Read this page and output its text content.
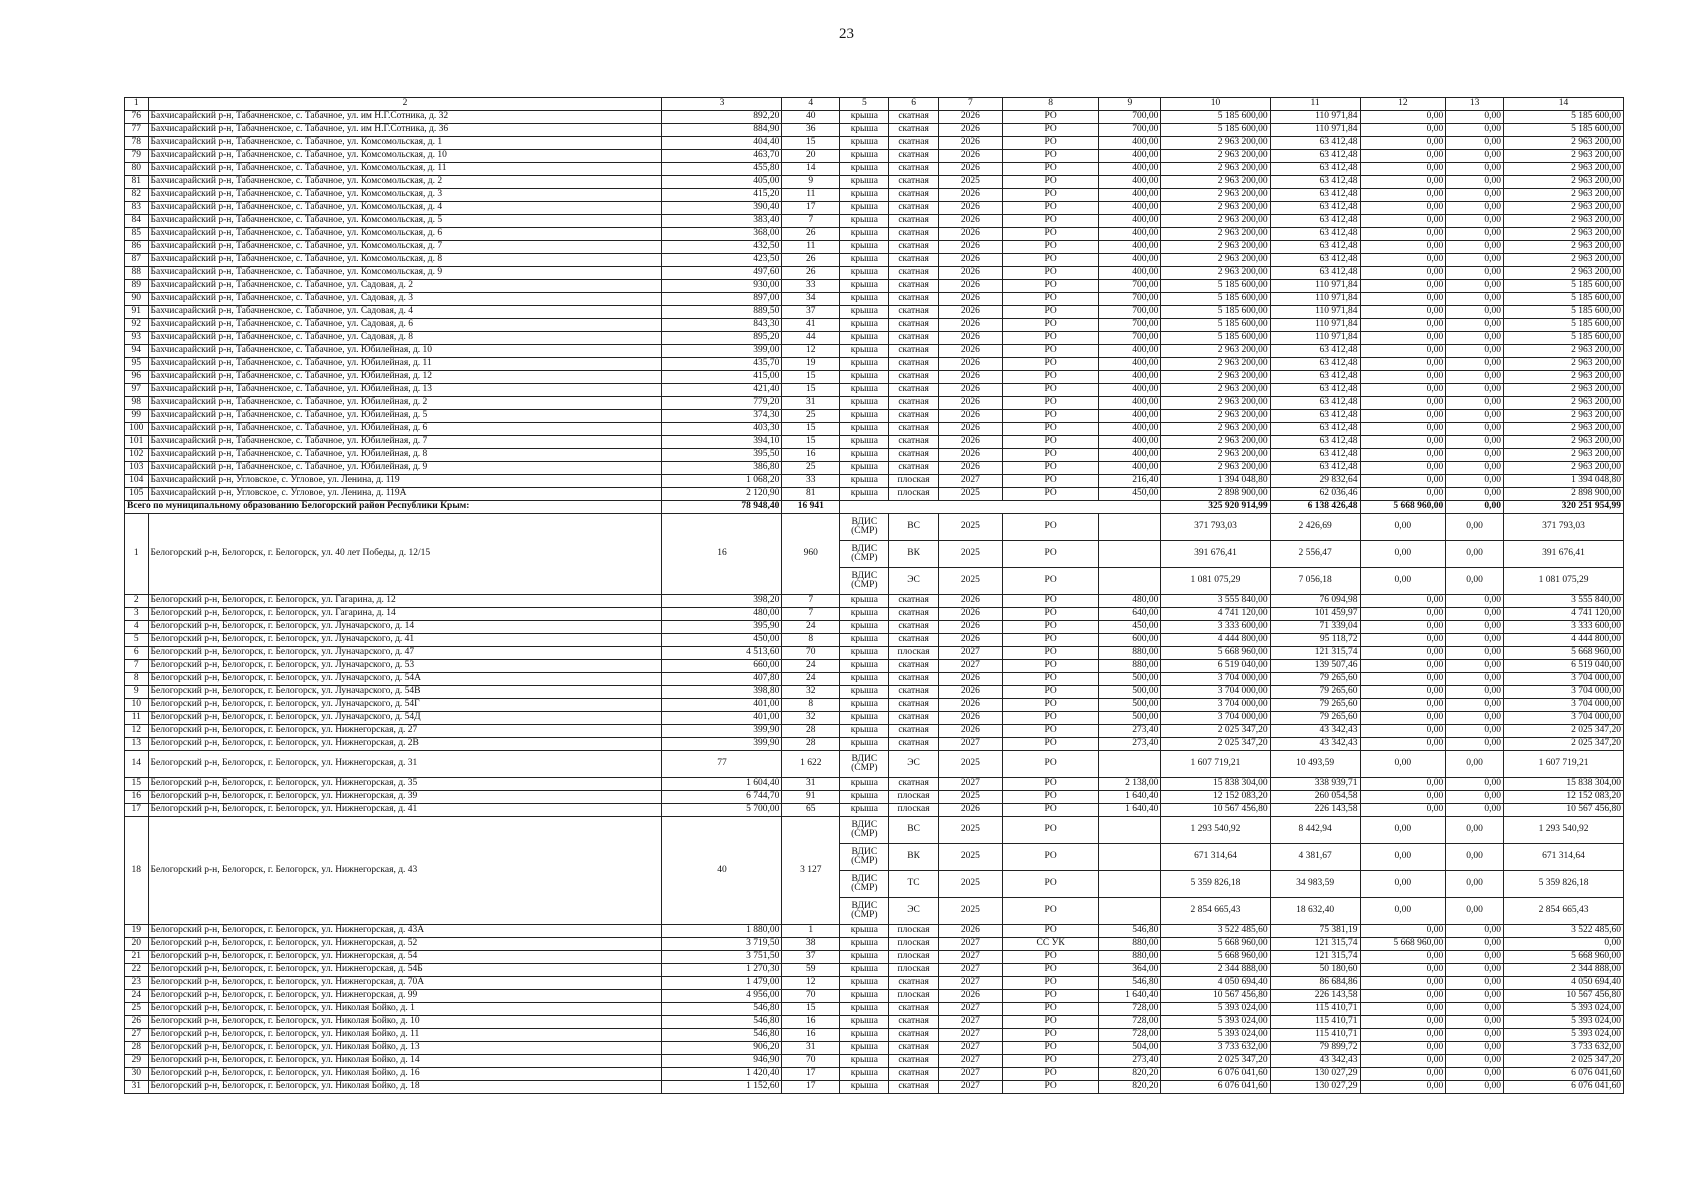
23
1	2	3	4	5	6	7	8	9	10	11	12	13	14
76	Бахчисарайский р-н, Табачненское, с. Табачное, ул. им Н.Г.Сотника, д. 32	892,20	40	крыша	скатная	2026	РО	700,00	5 185 600,00	110 971,84	0,00	0,00	5 185 600,00
77	Бахчисарайский р-н, Табачненское, с. Табачное, ул. им Н.Г.Сотника, д. 36	884,90	36	крыша	скатная	2026	РО	700,00	5 185 600,00	110 971,84	0,00	0,00	5 185 600,00
78	Бахчисарайский р-н, Табачненское, с. Табачное, ул. Комсомольская, д. 1	404,40	15	крыша	скатная	2026	РО	400,00	2 963 200,00	63 412,48	0,00	0,00	2 963 200,00
79	Бахчисарайский р-н, Табачненское, с. Табачное, ул. Комсомольская, д. 10	463,70	20	крыша	скатная	2026	РО	400,00	2 963 200,00	63 412,48	0,00	0,00	2 963 200,00
80	Бахчисарайский р-н, Табачненское, с. Табачное, ул. Комсомольская, д. 11	455,80	14	крыша	скатная	2026	РО	400,00	2 963 200,00	63 412,48	0,00	0,00	2 963 200,00
81	Бахчисарайский р-н, Табачненское, с. Табачное, ул. Комсомольская, д. 2	405,00	9	крыша	скатная	2025	РО	400,00	2 963 200,00	63 412,48	0,00	0,00	2 963 200,00
82	Бахчисарайский р-н, Табачненское, с. Табачное, ул. Комсомольская, д. 3	415,20	11	крыша	скатная	2026	РО	400,00	2 963 200,00	63 412,48	0,00	0,00	2 963 200,00
83	Бахчисарайский р-н, Табачненское, с. Табачное, ул. Комсомольская, д. 4	390,40	17	крыша	скатная	2026	РО	400,00	2 963 200,00	63 412,48	0,00	0,00	2 963 200,00
84	Бахчисарайский р-н, Табачненское, с. Табачное, ул. Комсомольская, д. 5	383,40	7	крыша	скатная	2026	РО	400,00	2 963 200,00	63 412,48	0,00	0,00	2 963 200,00
85	Бахчисарайский р-н, Табачненское, с. Табачное, ул. Комсомольская, д. 6	368,00	26	крыша	скатная	2026	РО	400,00	2 963 200,00	63 412,48	0,00	0,00	2 963 200,00
86	Бахчисарайский р-н, Табачненское, с. Табачное, ул. Комсомольская, д. 7	432,50	11	крыша	скатная	2026	РО	400,00	2 963 200,00	63 412,48	0,00	0,00	2 963 200,00
87	Бахчисарайский р-н, Табачненское, с. Табачное, ул. Комсомольская, д. 8	423,50	26	крыша	скатная	2026	РО	400,00	2 963 200,00	63 412,48	0,00	0,00	2 963 200,00
88	Бахчисарайский р-н, Табачненское, с. Табачное, ул. Комсомольская, д. 9	497,60	26	крыша	скатная	2026	РО	400,00	2 963 200,00	63 412,48	0,00	0,00	2 963 200,00
89	Бахчисарайский р-н, Табачненское, с. Табачное, ул. Садовая, д. 2	930,00	33	крыша	скатная	2026	РО	700,00	5 185 600,00	110 971,84	0,00	0,00	5 185 600,00
90	Бахчисарайский р-н, Табачненское, с. Табачное, ул. Садовая, д. 3	897,00	34	крыша	скатная	2026	РО	700,00	5 185 600,00	110 971,84	0,00	0,00	5 185 600,00
91	Бахчисарайский р-н, Табачненское, с. Табачное, ул. Садовая, д. 4	889,50	37	крыша	скатная	2026	РО	700,00	5 185 600,00	110 971,84	0,00	0,00	5 185 600,00
92	Бахчисарайский р-н, Табачненское, с. Табачное, ул. Садовая, д. 6	843,30	41	крыша	скатная	2026	РО	700,00	5 185 600,00	110 971,84	0,00	0,00	5 185 600,00
93	Бахчисарайский р-н, Табачненское, с. Табачное, ул. Садовая, д. 8	895,20	44	крыша	скатная	2026	РО	700,00	5 185 600,00	110 971,84	0,00	0,00	5 185 600,00
94	Бахчисарайский р-н, Табачненское, с. Табачное, ул. Юбилейная, д. 10	399,00	12	крыша	скатная	2026	РО	400,00	2 963 200,00	63 412,48	0,00	0,00	2 963 200,00
95	Бахчисарайский р-н, Табачненское, с. Табачное, ул. Юбилейная, д. 11	435,70	19	крыша	скатная	2026	РО	400,00	2 963 200,00	63 412,48	0,00	0,00	2 963 200,00
96	Бахчисарайский р-н, Табачненское, с. Табачное, ул. Юбилейная, д. 12	415,00	15	крыша	скатная	2026	РО	400,00	2 963 200,00	63 412,48	0,00	0,00	2 963 200,00
97	Бахчисарайский р-н, Табачненское, с. Табачное, ул. Юбилейная, д. 13	421,40	15	крыша	скатная	2026	РО	400,00	2 963 200,00	63 412,48	0,00	0,00	2 963 200,00
98	Бахчисарайский р-н, Табачненское, с. Табачное, ул. Юбилейная, д. 2	779,20	31	крыша	скатная	2026	РО	400,00	2 963 200,00	63 412,48	0,00	0,00	2 963 200,00
99	Бахчисарайский р-н, Табачненское, с. Табачное, ул. Юбилейная, д. 5	374,30	25	крыша	скатная	2026	РО	400,00	2 963 200,00	63 412,48	0,00	0,00	2 963 200,00
100	Бахчисарайский р-н, Табачненское, с. Табачное, ул. Юбилейная, д. 6	403,30	15	крыша	скатная	2026	РО	400,00	2 963 200,00	63 412,48	0,00	0,00	2 963 200,00
101	Бахчисарайский р-н, Табачненское, с. Табачное, ул. Юбилейная, д. 7	394,10	15	крыша	скатная	2026	РО	400,00	2 963 200,00	63 412,48	0,00	0,00	2 963 200,00
102	Бахчисарайский р-н, Табачненское, с. Табачное, ул. Юбилейная, д. 8	395,50	16	крыша	скатная	2026	РО	400,00	2 963 200,00	63 412,48	0,00	0,00	2 963 200,00
103	Бахчисарайский р-н, Табачненское, с. Табачное, ул. Юбилейная, д. 9	386,80	25	крыша	скатная	2026	РО	400,00	2 963 200,00	63 412,48	0,00	0,00	2 963 200,00
104	Бахчисарайский р-н, Угловское, с. Угловое, ул. Ленина, д. 119	1 068,20	33	крыша	плоская	2027	РО	216,40	1 394 048,80	29 832,64	0,00	0,00	1 394 048,80
105	Бахчисарайский р-н, Угловское, с. Угловое, ул. Ленина, д. 119А	2 120,90	81	крыша	плоская	2025	РО	450,00	2 898 900,00	62 036,46	0,00	0,00	2 898 900,00
Всего по муниципальному образованию Белогорский район Республики Крым:		78 948,40	16 941						325 920 914,99	6 138 426,48	5 668 960,00	0,00	320 251 954,99
1	Белогорский р-н, Белогорск, г. Белогорск, ул. 40 лет Победы, д. 12/15	16	960	ВДИС (СМР)	ВС	2025	РО		371 793,03	2 426,69	0,00	0,00	371 793,03
				ВДИС (СМР)	ВК	2025	РО		391 676,41	2 556,47	0,00	0,00	391 676,41
				ВДИС (СМР)	ЭС	2025	РО		1 081 075,29	7 056,18	0,00	0,00	1 081 075,29
2	Белогорский р-н, Белогорск, г. Белогорск, ул. Гагарина, д. 12	398,20	7	крыша	скатная	2026	РО	480,00	3 555 840,00	76 094,98	0,00	0,00	3 555 840,00
3	Белогорский р-н, Белогорск, г. Белогорск, ул. Гагарина, д. 14	480,00	7	крыша	скатная	2026	РО	640,00	4 741 120,00	101 459,97	0,00	0,00	4 741 120,00
4	Белогорский р-н, Белогорск, г. Белогорск, ул. Луначарского, д. 14	395,90	24	крыша	скатная	2026	РО	450,00	3 333 600,00	71 339,04	0,00	0,00	3 333 600,00
5	Белогорский р-н, Белогорск, г. Белогорск, ул. Луначарского, д. 41	450,00	8	крыша	скатная	2026	РО	600,00	4 444 800,00	95 118,72	0,00	0,00	4 444 800,00
6	Белогорский р-н, Белогорск, г. Белогорск, ул. Луначарского, д. 47	4 513,60	70	крыша	плоская	2027	РО	880,00	5 668 960,00	121 315,74	0,00	0,00	5 668 960,00
7	Белогорский р-н, Белогорск, г. Белогорск, ул. Луначарского, д. 53	660,00	24	крыша	скатная	2027	РО	880,00	6 519 040,00	139 507,46	0,00	0,00	6 519 040,00
8	Белогорский р-н, Белогорск, г. Белогорск, ул. Луначарского, д. 54А	407,80	24	крыша	скатная	2026	РО	500,00	3 704 000,00	79 265,60	0,00	0,00	3 704 000,00
9	Белогорский р-н, Белогорск, г. Белогорск, ул. Луначарского, д. 54В	398,80	32	крыша	скатная	2026	РО	500,00	3 704 000,00	79 265,60	0,00	0,00	3 704 000,00
10	Белогорский р-н, Белогорск, г. Белогорск, ул. Луначарского, д. 54Г	401,00	8	крыша	скатная	2026	РО	500,00	3 704 000,00	79 265,60	0,00	0,00	3 704 000,00
11	Белогорский р-н, Белогорск, г. Белогорск, ул. Луначарского, д. 54Д	401,00	32	крыша	скатная	2026	РО	500,00	3 704 000,00	79 265,60	0,00	0,00	3 704 000,00
12	Белогорский р-н, Белогорск, г. Белогорск, ул. Нижнегорская, д. 27	399,90	28	крыша	скатная	2026	РО	273,40	2 025 347,20	43 342,43	0,00	0,00	2 025 347,20
13	Белогорский р-н, Белогорск, г. Белогорск, ул. Нижнегорская, д. 2В	399,90	28	крыша	скатная	2027	РО	273,40	2 025 347,20	43 342,43	0,00	0,00	2 025 347,20
14	Белогорский р-н, Белогорск, г. Белогорск, ул. Нижнегорская, д. 31	77	1 622	ВДИС (СМР)	ЭС	2025	РО		1 607 719,21	10 493,59	0,00	0,00	1 607 719,21
15	Белогорский р-н, Белогорск, г. Белогорск, ул. Нижнегорская, д. 35	1 604,40	31	крыша	скатная	2027	РО	2 138,00	15 838 304,00	338 939,71	0,00	0,00	15 838 304,00
16	Белогорский р-н, Белогорск, г. Белогорск, ул. Нижнегорская, д. 39	6 744,70	91	крыша	плоская	2025	РО	1 640,40	12 152 083,20	260 054,58	0,00	0,00	12 152 083,20
17	Белогорский р-н, Белогорск, г. Белогорск, ул. Нижнегорская, д. 41	5 700,00	65	крыша	плоская	2026	РО	1 640,40	10 567 456,80	226 143,58	0,00	0,00	10 567 456,80
18	Белогорский р-н, Белогорск, г. Белогорск, ул. Нижнегорская, д. 43	40	3 127	ВДИС (СМР)	ВС	2025	РО		1 293 540,92	8 442,94	0,00	0,00	1 293 540,92
				ВДИС (СМР)	ВК	2025	РО		671 314,64	4 381,67	0,00	0,00	671 314,64
				ВДИС (СМР)	ТС	2025	РО		5 359 826,18	34 983,59	0,00	0,00	5 359 826,18
				ВДИС (СМР)	ЭС	2025	РО		2 854 665,43	18 632,40	0,00	0,00	2 854 665,43
19	Белогорский р-н, Белогорск, г. Белогорск, ул. Нижнегорская, д. 43А	1 880,00	1	крыша	плоская	2026	РО	546,80	3 522 485,60	75 381,19	0,00	0,00	3 522 485,60
20	Белогорский р-н, Белогорск, г. Белогорск, ул. Нижнегорская, д. 52	3 719,50	38	крыша	плоская	2027	СС УК	880,00	5 668 960,00	121 315,74	5 668 960,00	0,00	0,00
21	Белогорский р-н, Белогорск, г. Белогорск, ул. Нижнегорская, д. 54	3 751,50	37	крыша	плоская	2027	РО	880,00	5 668 960,00	121 315,74	0,00	0,00	5 668 960,00
22	Белогорский р-н, Белогорск, г. Белогорск, ул. Нижнегорская, д. 54Б	1 270,30	59	крыша	плоская	2027	РО	364,00	2 344 888,00	50 180,60	0,00	0,00	2 344 888,00
23	Белогорский р-н, Белогорск, г. Белогорск, ул. Нижнегорская, д. 70А	1 479,00	12	крыша	скатная	2027	РО	546,80	4 050 694,40	86 684,86	0,00	0,00	4 050 694,40
24	Белогорский р-н, Белогорск, г. Белогорск, ул. Нижнегорская, д. 99	4 956,00	70	крыша	плоская	2026	РО	1 640,40	10 567 456,80	226 143,58	0,00	0,00	10 567 456,80
25	Белогорский р-н, Белогорск, г. Белогорск, ул. Николая Бойко, д. 1	546,80	15	крыша	скатная	2027	РО	728,00	5 393 024,00	115 410,71	0,00	0,00	5 393 024,00
26	Белогорский р-н, Белогорск, г. Белогорск, ул. Николая Бойко, д. 10	546,80	16	крыша	скатная	2027	РО	728,00	5 393 024,00	115 410,71	0,00	0,00	5 393 024,00
27	Белогорский р-н, Белогорск, г. Белогорск, ул. Николая Бойко, д. 11	546,80	16	крыша	скатная	2027	РО	728,00	5 393 024,00	115 410,71	0,00	0,00	5 393 024,00
28	Белогорский р-н, Белогорск, г. Белогорск, ул. Николая Бойко, д. 13	906,20	31	крыша	скатная	2027	РО	504,00	3 733 632,00	79 899,72	0,00	0,00	3 733 632,00
29	Белогорский р-н, Белогорск, г. Белогорск, ул. Николая Бойко, д. 14	946,90	70	крыша	скатная	2027	РО	273,40	2 025 347,20	43 342,43	0,00	0,00	2 025 347,20
30	Белогорский р-н, Белогорск, г. Белогорск, ул. Николая Бойко, д. 16	1 420,40	17	крыша	скатная	2027	РО	820,20	6 076 041,60	130 027,29	0,00	0,00	6 076 041,60
31	Белогорский р-н, Белогорск, г. Белогорск, ул. Николая Бойко, д. 18	1 152,60	17	крыша	скатная	2027	РО	820,20	6 076 041,60	130 027,29	0,00	0,00	6 076 041,60
